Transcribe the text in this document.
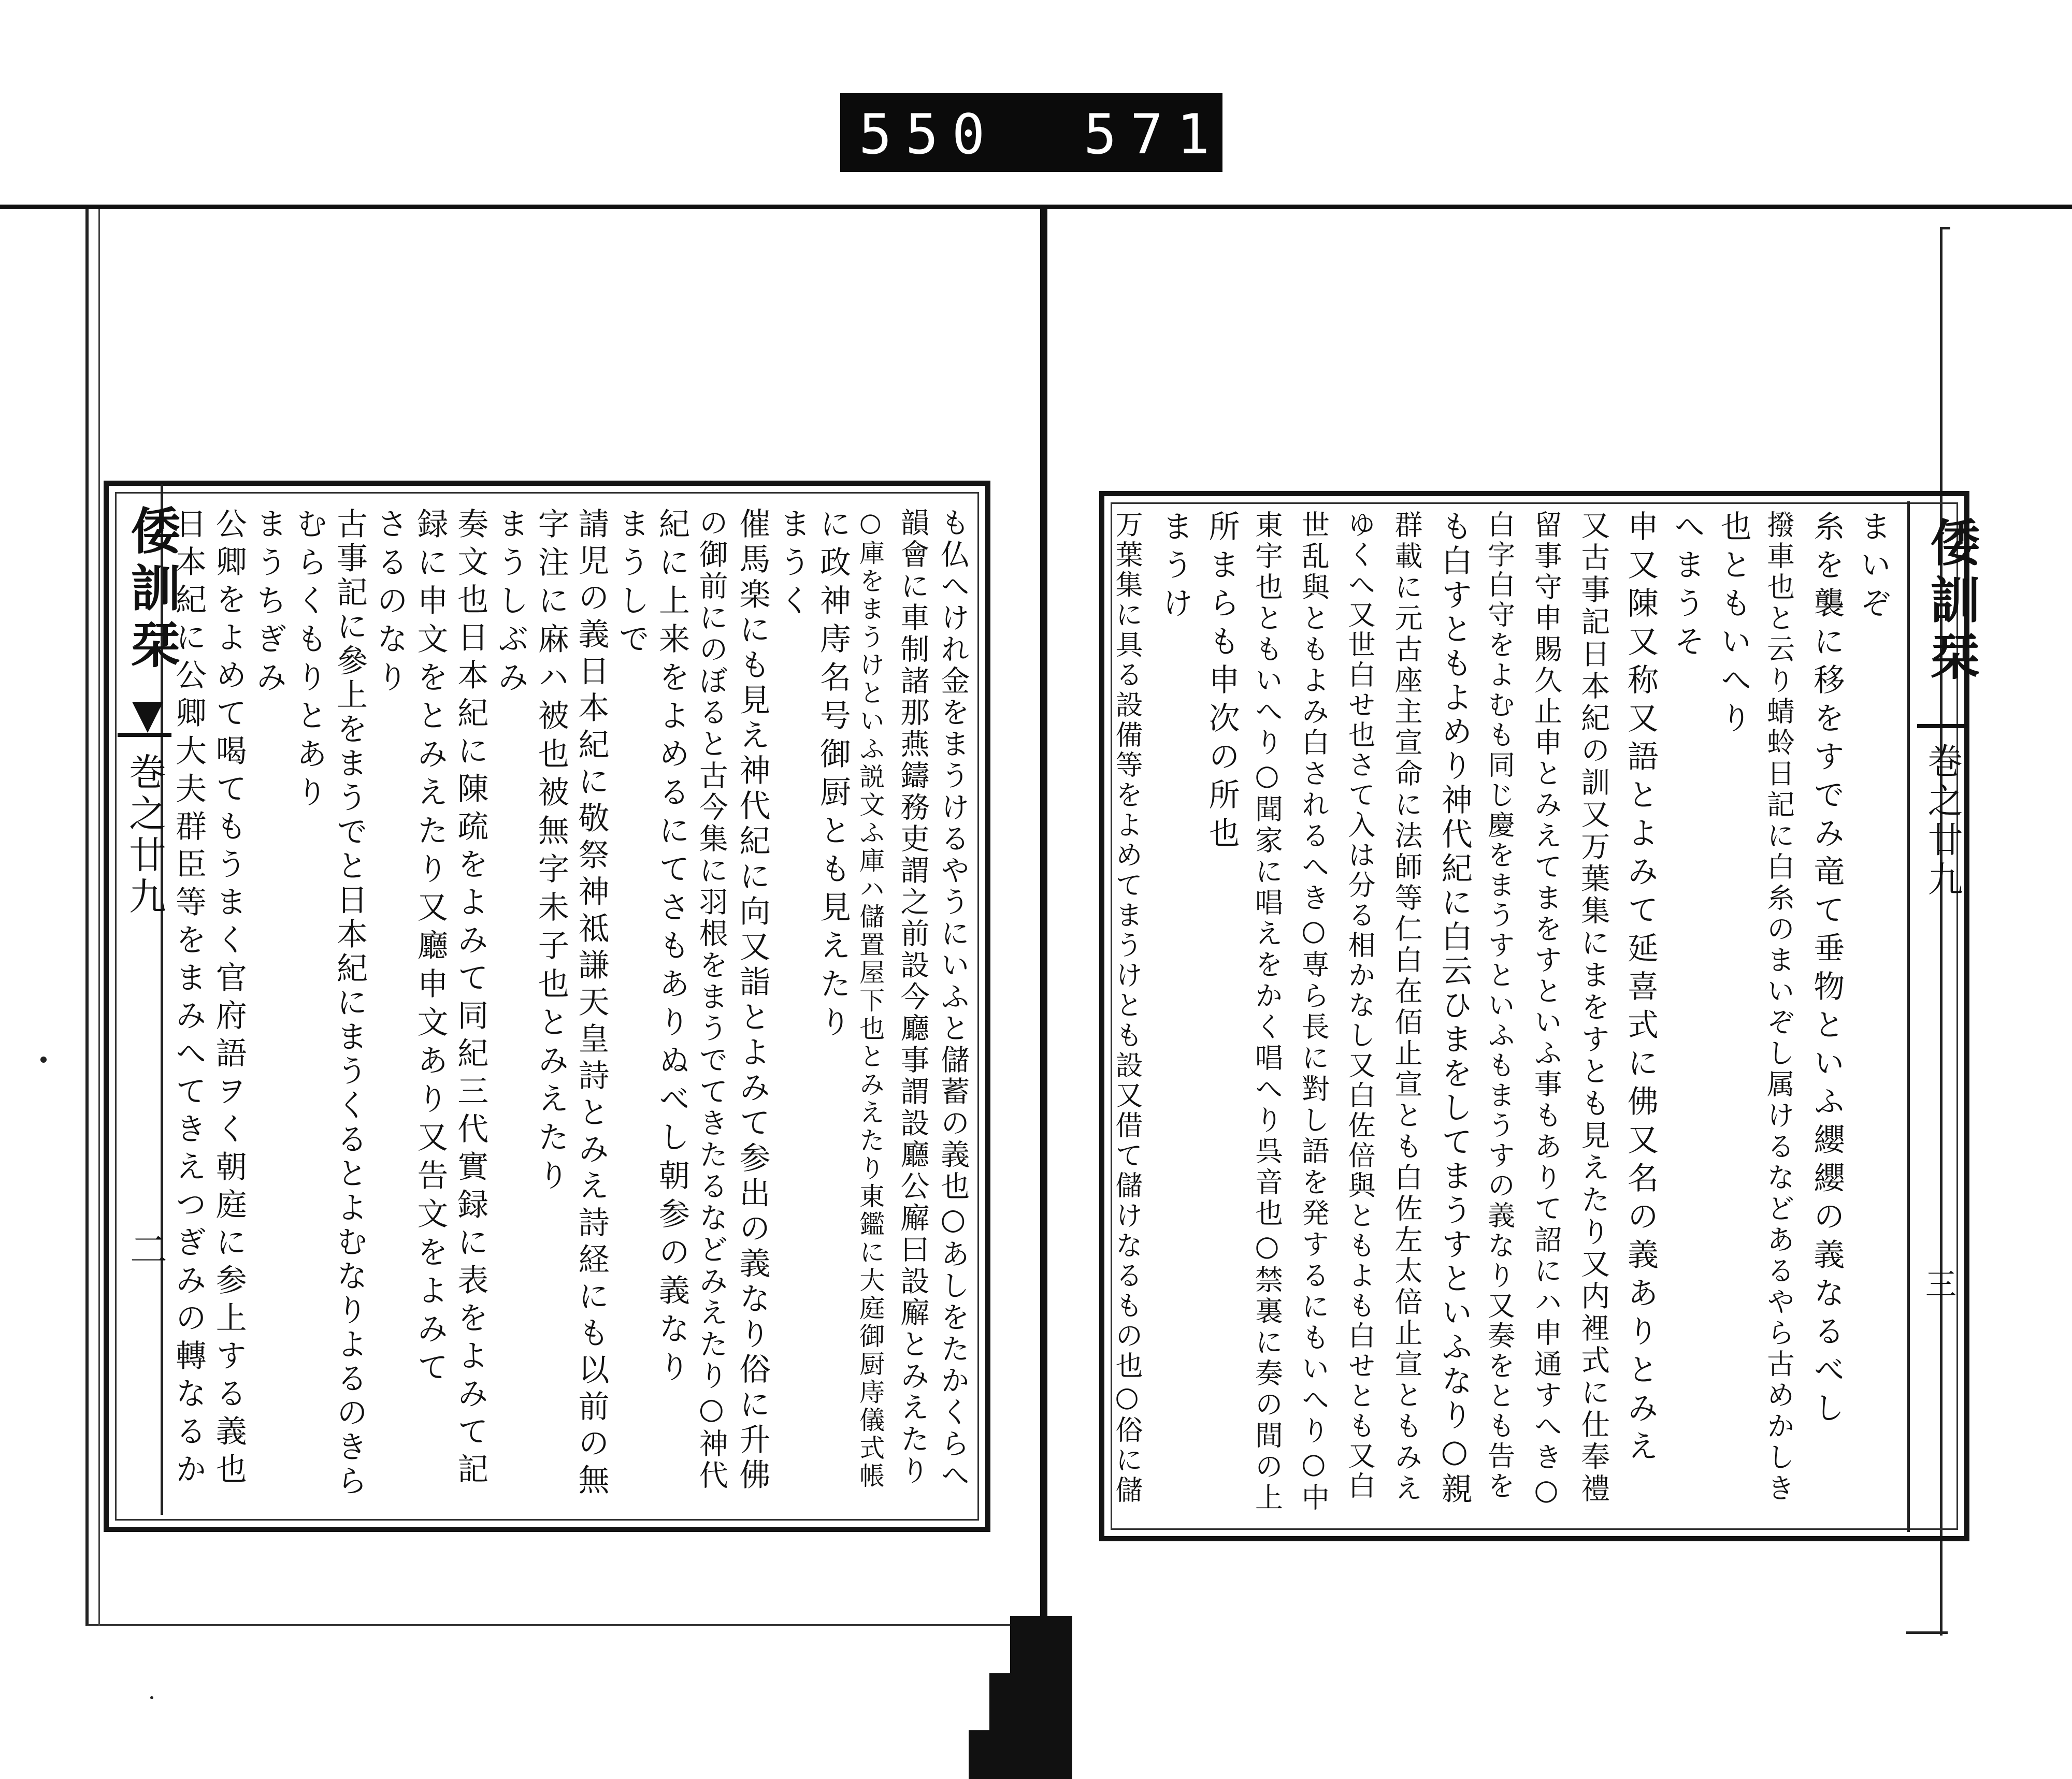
550 571
倭訓栞
巻之廿九
二	も仏へけれ金をまうけるやうにいふと儲蓄の義也○あしをたかくらへ
韻會に車制諸那燕鑄務吏謂之前設今廳事謂設廳公廨曰設廨とみえたり
○庫をまうけといふ説文ふ庫ハ儲置屋下也とみえたり東鑑に大庭御厨庤儀式帳
に政神庤名号御厨とも見えたり
まうく
催馬楽にも見え神代紀に向又詣とよみて参出の義なり俗に升佛
の御前にのぼると古今集に羽根をまうでてきたるなどみえたり○神代
紀に上来をよめるにてさもありぬべし朝参の義なり
まうしで
請児の義日本紀に敬祭神祗謙天皇詩とみえ詩経にも以前の無
字注に麻ハ被也被無字未子也とみえたり
まうしぶみ
奏文也日本紀に陳疏をよみて同紀三代實録に表をよみて記
録に申文をとみえたり又廳申文あり又告文をよみて
さるのなり
古事記に參上をまうでと日本紀にまうくるとよむなりよるのきら
むらくもりとあり
まうちぎみ
公卿をよめて喝てもうまく官府語ヲく朝庭に参上する義也
日本紀に公卿大夫群臣等をまみへてきえつぎみの轉なるか	倭訓栞
巻之廿九
三
まいぞ
糸を襲に移をすでみ竜て垂物といふ纓纓の義なるべし
撥車也と云り蜻蛉日記に白糸のまいぞし属けるなどあるやら古めかしき
也ともいへり
へまうそ
申又陳又称又語とよみて延喜式に佛又名の義ありとみえ
又古事記日本紀の訓又万葉集にまをすとも見えたり又内裡式に仕奉禮
留事守申賜久止申とみえてまをすといふ事もありて詔にハ申通すへき○
白字白守をよむも同じ慶をまうすといふもまうすの義なり又奏をとも告を
も白すともよめり神代紀に白云ひまをしてまうすといふなり○親
群載に元古座主宣命に法師等仁白在佰止宣とも白佐左太倍止宣ともみえ
ゆくへ又世白せ也さて入は分る相かなし又白佐倍與ともよも白せとも又白
世乱與ともよみ白されるへき○専ら長に對し語を発するにもいへり○中
東宇也ともいへり○聞家に唱えをかく唱へり呉音也○禁裏に奏の間の上
所まらも申次の所也
まうけ
万葉集に具る設備等をよめてまうけとも設又借て儲けなるもの也○俗に儲
